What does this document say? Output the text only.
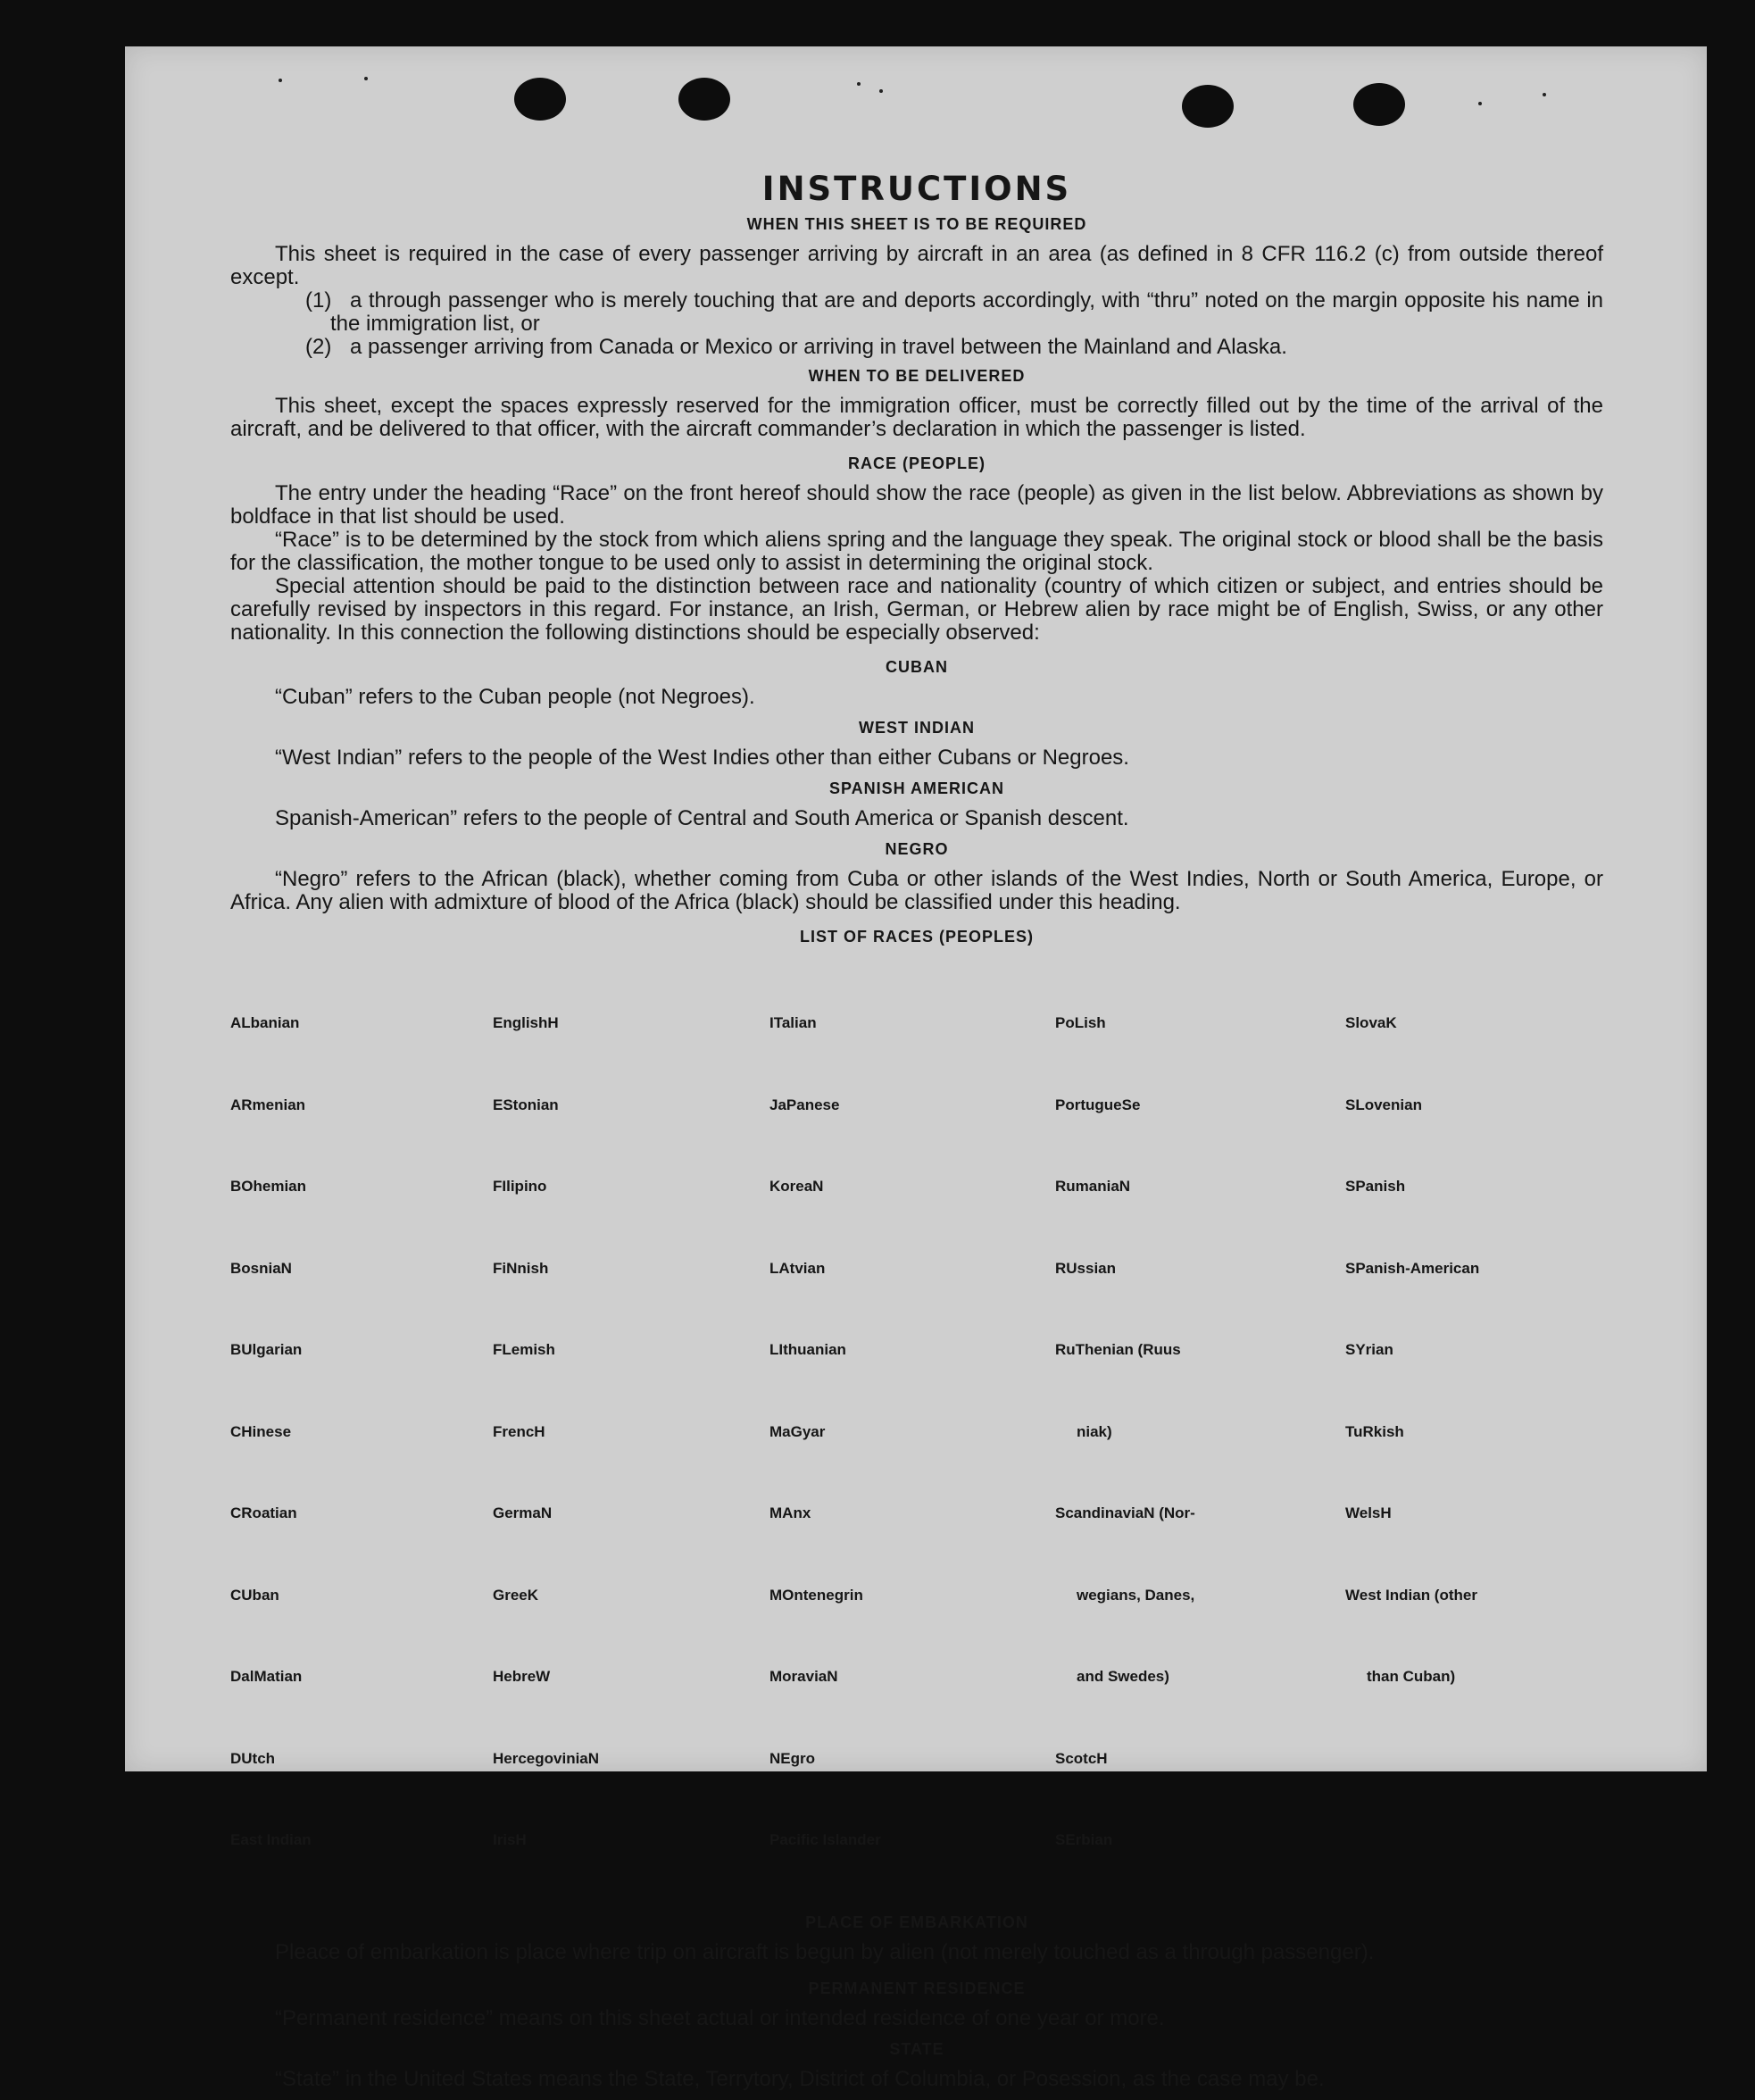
INSTRUCTIONS
WHEN THIS SHEET IS TO BE REQUIRED

This sheet is required in the case of every passenger arriving by aircraft in an area (as defined in 8 CFR 116.2 (c) from outside thereof except.

(1) a through passenger who is merely touching that are and deports accordingly, with “thru” noted on the margin opposite his name in the immigration list, or

(2) a passenger arriving from Canada or Mexico or arriving in travel between the Mainland and Alaska.

WHEN TO BE DELIVERED

This sheet, except the spaces expressly reserved for the immigration officer, must be correctly filled out by the time of the arrival of the aircraft, and be delivered to that officer, with the aircraft commander’s declaration in which the passenger is listed.

RACE (PEOPLE)

The entry under the heading “Race” on the front hereof should show the race (people) as given in the list below. Abbreviations as shown by boldface in that list should be used.

“Race” is to be determined by the stock from which aliens spring and the language they speak. The original stock or blood shall be the basis for the classification, the mother tongue to be used only to assist in determining the original stock.

Special attention should be paid to the distinction between race and nationality (country of which citizen or subject, and entries should be carefully revised by inspectors in this regard. For instance, an Irish, German, or Hebrew alien by race might be of English, Swiss, or any other nationality. In this connection the following distinctions should be especially observed:

CUBAN

“Cuban” refers to the Cuban people (not Negroes).

WEST INDIAN

“West Indian” refers to the people of the West Indies other than either Cubans or Negroes.

SPANISH AMERICAN

Spanish-American” refers to the people of Central and South America or Spanish descent.

NEGRO

“Negro” refers to the African (black), whether coming from Cuba or other islands of the West Indies, North or South America, Europe, or Africa. Any alien with admixture of blood of the Africa (black) should be classified under this heading.

LIST OF RACES (PEOPLES)

ALbanian

ARmenian

BOhemian

BosniaN

BUlgarian

CHinese

CRoatian

CUban

DalMatian

DUtch

East Indian

EnglishH

EStonian

FIlipino

FiNnish

FLemish

FrencH

GermaN

GreeK

HebreW

HercegoviniaN

IrisH

ITalian

JaPanese

KoreaN

LAtvian

LIthuanian

MaGyar

MAnx

MOntenegrin

MoraviaN

NEgro

Pacific Islander

PoLish

PortugueSe

RumaniaN

RUssian

RuThenian (Ruus

niak)

ScandinaviaN (Nor-

wegians, Danes,

and Swedes)

ScotcH

SErbian

SlovaK

SLovenian

SPanish

SPanish-American

SYrian

TuRkish

WelsH

West Indian (other

than Cuban)

PLACE OF EMBARKATION

Pleace of embarkation is place where trip on aircraft is begun by alien (not merely touched as a through passenger).

PERMANENT RESIDENCE

“Permanent residence” means on this sheet actual or intended residence of one year or more.

STATE

“State” in the United States means the State, Terrytory, District of Columbia, or Posession, as the case may be.
